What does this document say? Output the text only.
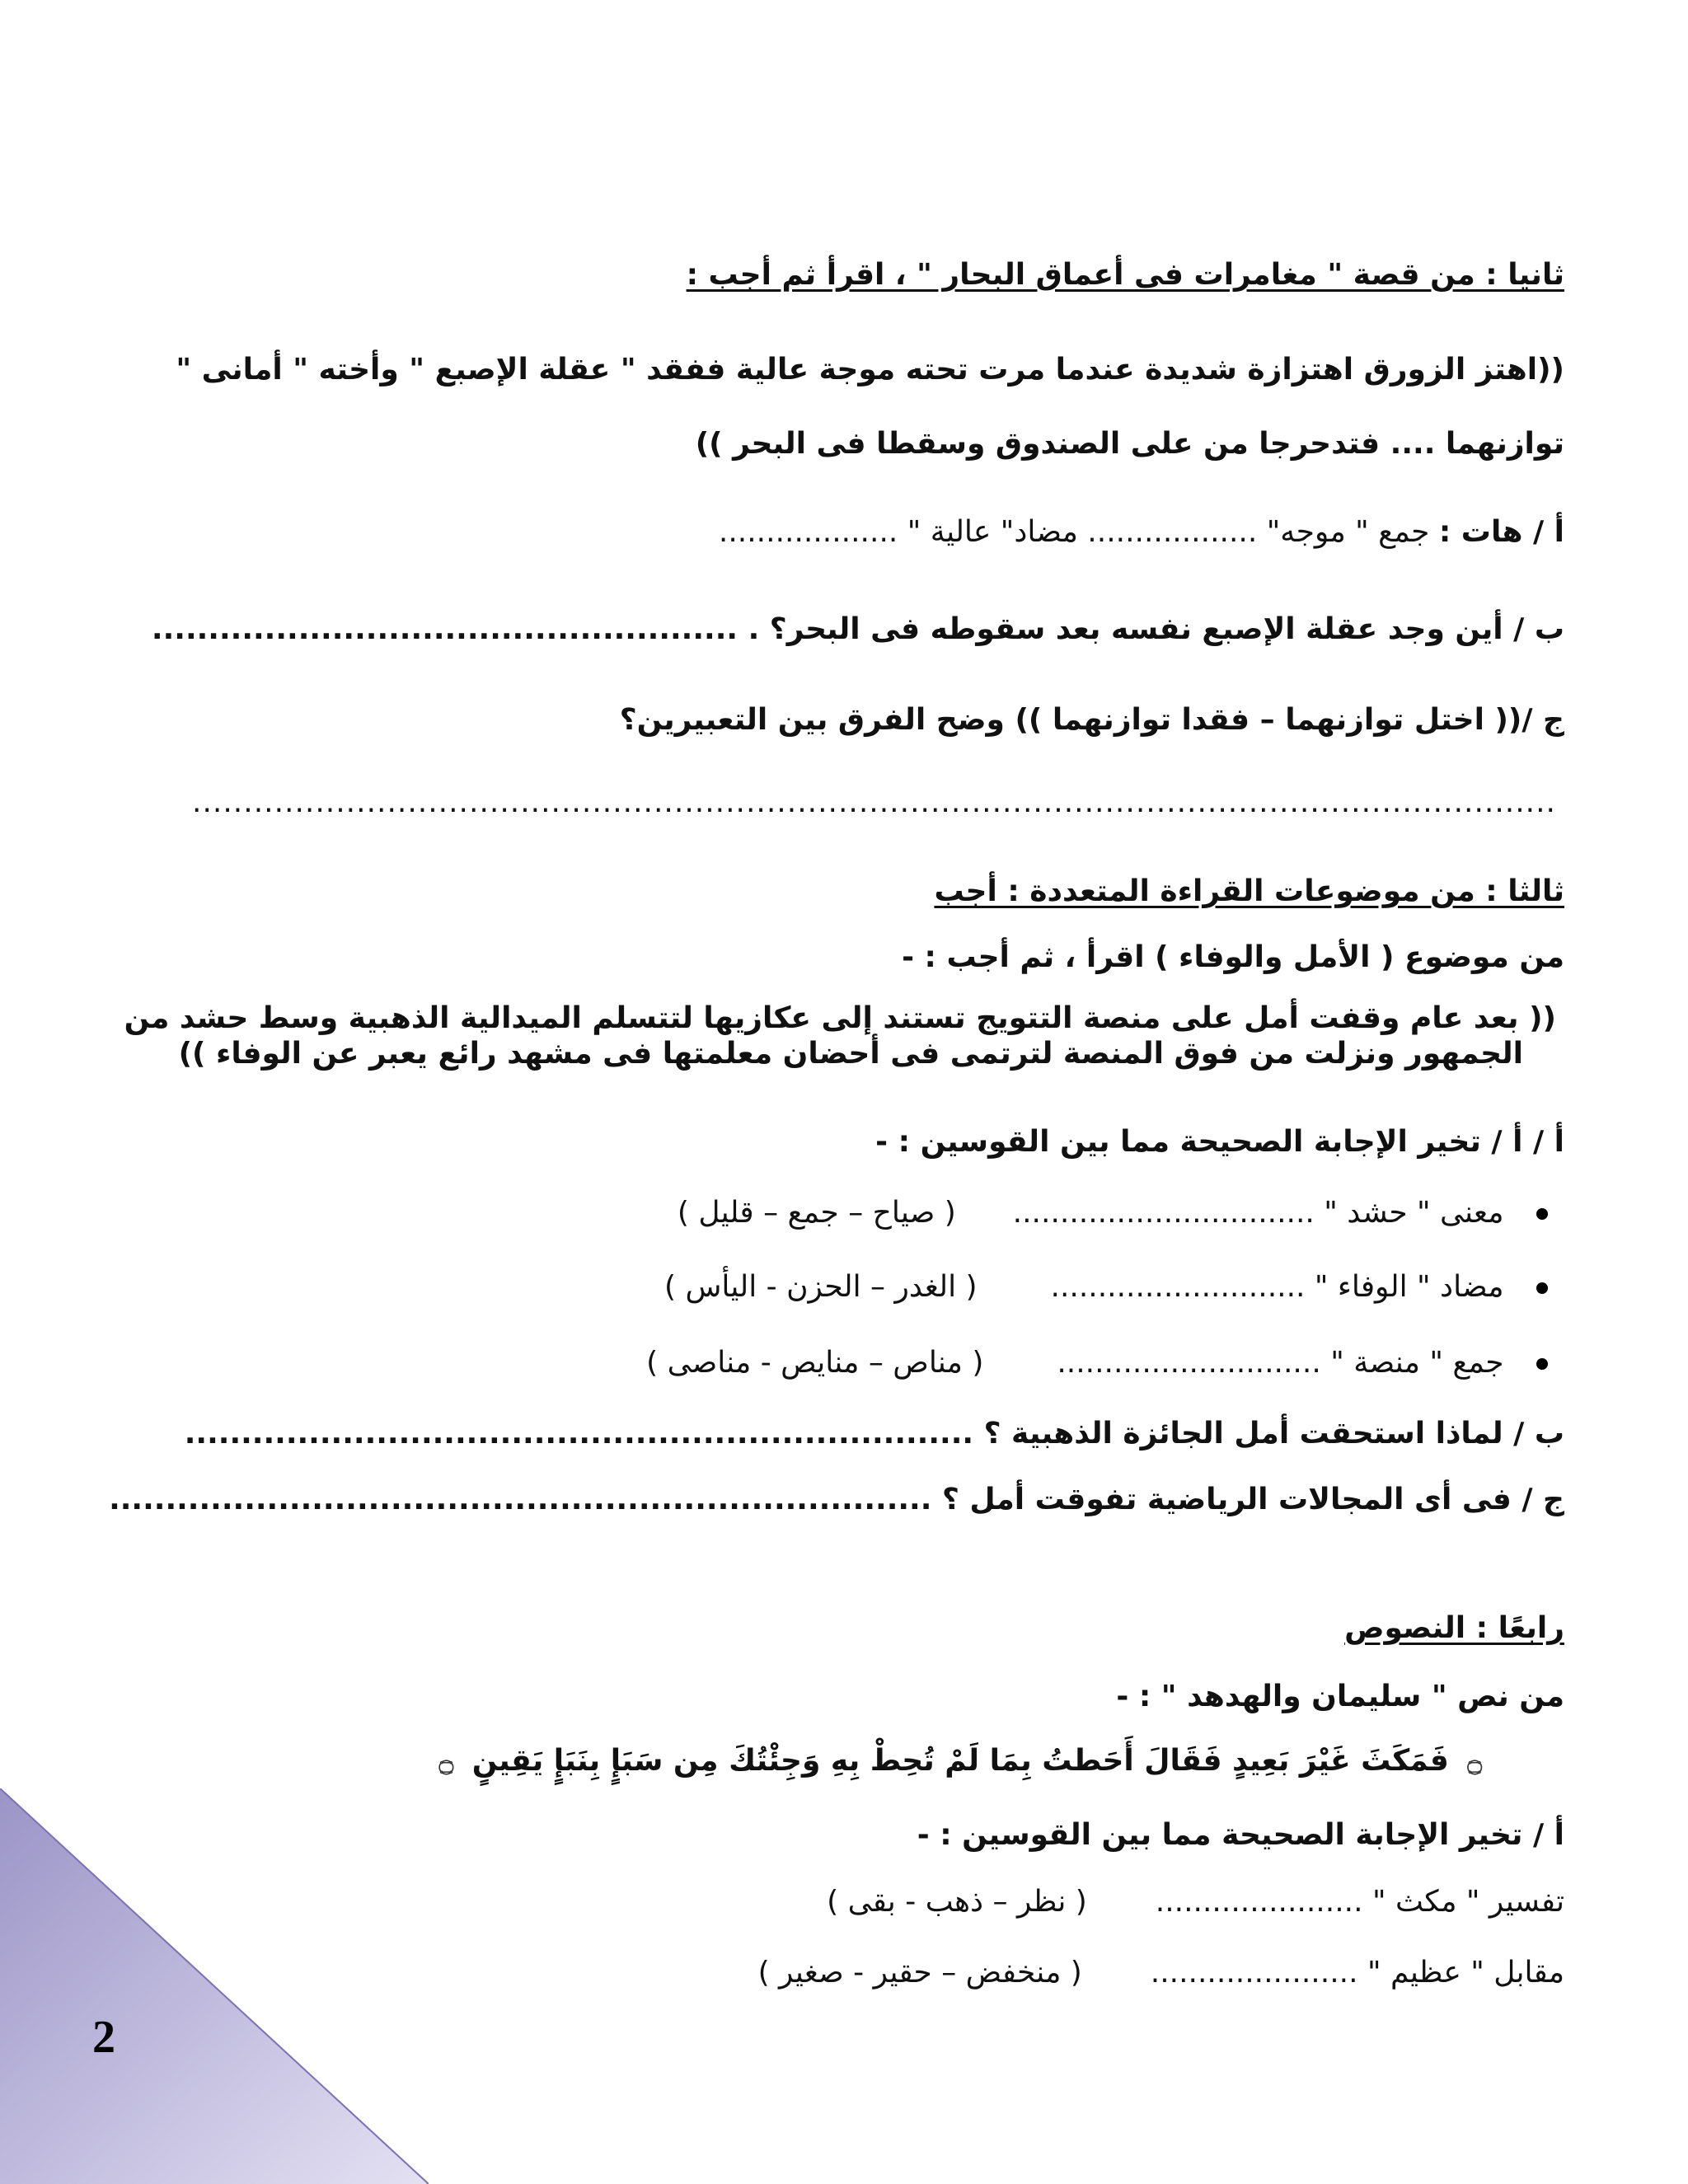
2
ثانيا : من قصة " مغامرات فى أعماق البحار " ، اقرأ ثم أجب :
((اهتز الزورق اهتزازة شديدة عندما مرت تحته موجة عالية ففقد " عقلة الإصبع " وأخته " أمانى "
توازنهما .... فتدحرجا من على الصندوق وسقطا فى البحر ))
أ / هات : جمع " موجه" .................. مضاد" عالية " ...................
ب / أين وجد عقلة الإصبع نفسه بعد سقوطه فى البحر؟ . ....................................................
ج /(( اختل توازنهما – فقدا توازنهما )) وضح الفرق بين التعبيرين؟
.....................................................................................................................................
ثالثا : من موضوعات القراءة المتعددة : أجب
من موضوع ( الأمل والوفاء ) اقرأ ، ثم أجب : -
(( بعد عام وقفت أمل على منصة التتويج تستند إلى عكازيها لتتسلم الميدالية الذهبية وسط حشد من
الجمهور ونزلت من فوق المنصة لترتمى فى أحضان معلمتها فى مشهد رائع يعبر عن الوفاء ))
أ / أ / تخير الإجابة الصحيحة مما بين القوسين : -
معنى " حشد " ................................  ( صياح – جمع – قليل )
مضاد " الوفاء " ...........................  ( الغدر – الحزن - اليأس )
جمع " منصة " ............................  ( مناص – منايص - مناصى )
ب / لماذا استحقت أمل الجائزة الذهبية ؟ ......................................................................
ج / فى أى المجالات الرياضية تفوقت أمل ؟ .........................................................................
رابعًا : النصوص
من نص " سليمان والهدهد " : -
۝ فَمَكَثَ غَيْرَ بَعِيدٍ فَقَالَ أَحَطتُ بِمَا لَمْ تُحِطْ بِهِ وَجِئْتُكَ مِن سَبَإٍ بِنَبَإٍ يَقِينٍ ۝
أ / تخير الإجابة الصحيحة مما بين القوسين : -
تفسير " مكث " ......................  ( نظر – ذهب - بقى )
مقابل " عظيم " ......................  ( منخفض – حقير - صغير )
